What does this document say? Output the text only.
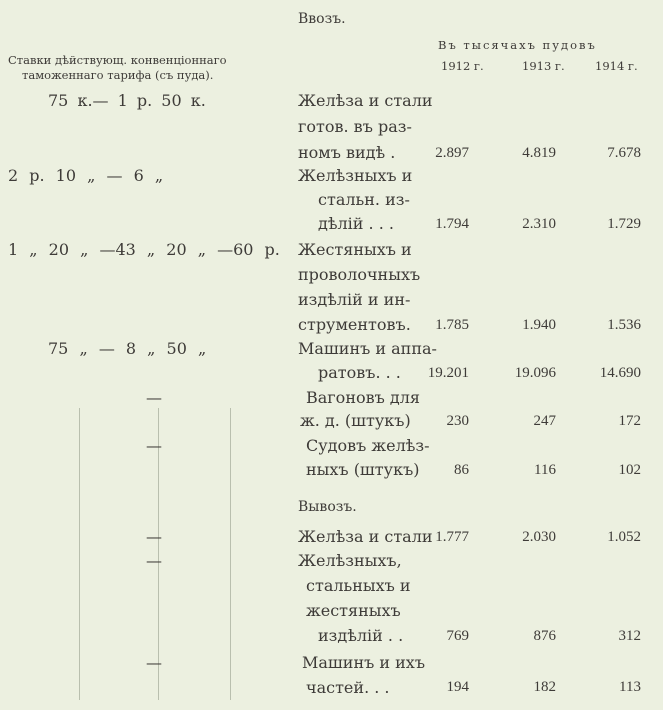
Ввозъ.
Ставки дѣйствующ. конвенціоннаго
таможеннаго тарифа (съ пуда).
Въ тысячахъ пудовъ
1912 г.	1913 г.	1914 г.
75 к.— 1 р. 50 к.	Желѣза и стали
готов. въ раз-
номъ видѣ .	2.897	4.819	7.678
2 р. 10 „ — 6 „	Желѣзныхъ и
стальн. из-
дѣлій . . .	1.794	2.310	1.729
1 „ 20 „ —43 „ 20 „ —60 р. Жестяныхъ и
проволочныхъ
издѣлій и ин-
струментовъ. 1.785	1.940	1.536
75 „ — 8 „ 50 „	Машинъ и аппа-
ратовъ. . . 19.201	19.096	14.690
—	Вагоновъ для
ж. д. (штукъ) 230	247	172
—	Судовъ желѣз-
ныхъ (штукъ) 86	116	102
Вывозъ.
—	Желѣза и стали 1.777	2.030	1.052
—	Желѣзныхъ,
стальныхъ и
жестяныхъ
издѣлій . .	769	876	312
—	Машинъ и ихъ
частей. . .	194	182	113
